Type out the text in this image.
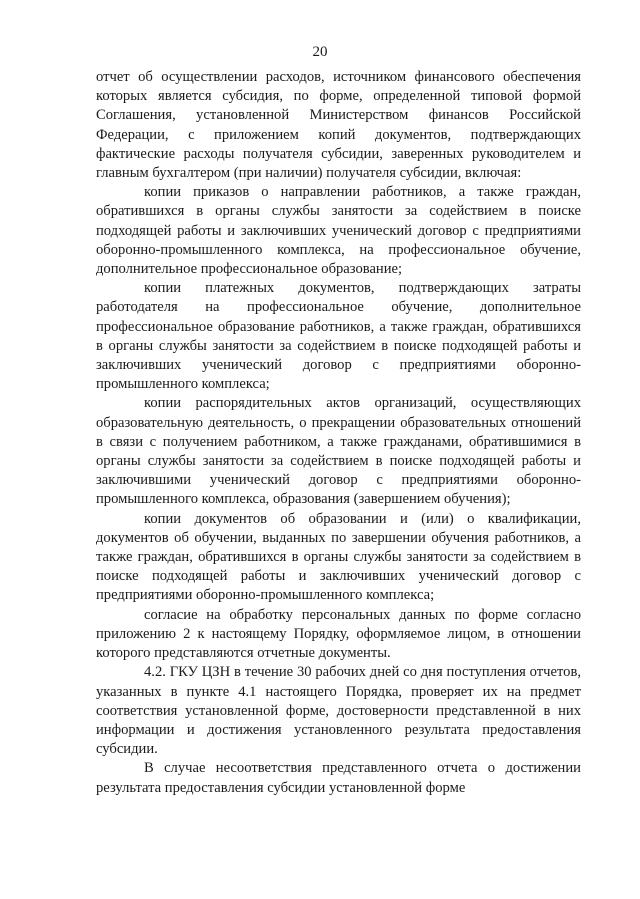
20

отчет об осуществлении расходов, источником финансового обеспечения которых является субсидия, по форме, определенной типовой формой Соглашения, установленной Министерством финансов Российской Федерации, с приложением копий документов, подтверждающих фактические расходы получателя субсидии, заверенных руководителем и главным бухгалтером (при наличии) получателя субсидии, включая:

копии приказов о направлении работников, а также граждан, обратившихся в органы службы занятости за содействием в поиске подходящей работы и заключивших ученический договор с предприятиями оборонно-промышленного комплекса, на профессиональное обучение, дополнительное профессиональное образование;

копии платежных документов, подтверждающих затраты работодателя на профессиональное обучение, дополнительное профессиональное образование работников, а также граждан, обратившихся в органы службы занятости за содействием в поиске подходящей работы и заключивших ученический договор с предприятиями оборонно-промышленного комплекса;

копии распорядительных актов организаций, осуществляющих образовательную деятельность, о прекращении образовательных отношений в связи с получением работником, а также гражданами, обратившимися в органы службы занятости за содействием в поиске подходящей работы и заключившими ученический договор с предприятиями оборонно-промышленного комплекса, образования (завершением обучения);

копии документов об образовании и (или) о квалификации, документов об обучении, выданных по завершении обучения работников, а также граждан, обратившихся в органы службы занятости за содействием в поиске подходящей работы и заключивших ученический договор с предприятиями оборонно-промышленного комплекса;

согласие на обработку персональных данных по форме согласно приложению 2 к настоящему Порядку, оформляемое лицом, в отношении которого представляются отчетные документы.

4.2. ГКУ ЦЗН в течение 30 рабочих дней со дня поступления отчетов, указанных в пункте 4.1 настоящего Порядка, проверяет их на предмет соответствия установленной форме, достоверности представленной в них информации и достижения установленного результата предоставления субсидии.

В случае несоответствия представленного отчета о достижении результата предоставления субсидии установленной форме
